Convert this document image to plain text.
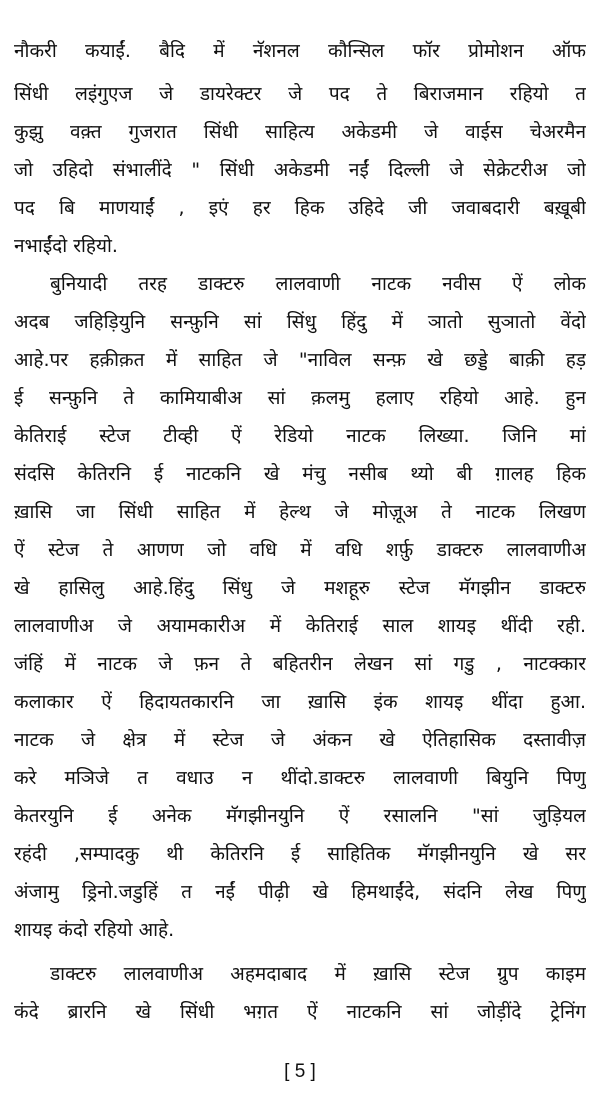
नौकरी कयाईं. बैदि में नॅशनल कौन्सिल फॉर प्रोमोशन ऑफ
सिंधी लइंगुएज जे डायरेक्टर जे पद ते बिराजमान रहियो त
कुझु वक़्त गुजरात सिंधी साहित्य अकेडमी जे वाईस चेअरमैन
जो उहिदो संभालींदे " सिंधी अकेडमी नईं दिल्ली जे सेक्रेटरीअ जो
पद बि माणयाईं , इएं हर हिक उहिदे जी जवाबदारी बख़ूबी
नभाईंदो रहियो.
बुनियादी तरह डाक्टरु लालवाणी नाटक नवीस ऐं लोक
अदब जहिड़ियुनि सन्फ़ुनि सां सिंधु हिंदु में ञातो सुञातो वेंदो
आहे.पर हक़ीक़त में साहित जे "नाविल सन्फ़ खे छड्डे बाक़ी हड़
ई सन्फ़ुनि ते कामियाबीअ सां क़लमु हलाए रहियो आहे. हुन
केतिराई स्टेज टीव्ही ऐं रेडियो नाटक लिख्या. जिनि मां
संदसि केतिरनि ई नाटकनि खे मंचु नसीब थ्यो बी ग़ालह हिक
ख़ासि जा सिंधी साहित में हेल्थ जे मोज़ूअ ते नाटक लिखण
ऐं स्टेज ते आणण जो वधि में वधि शर्फ़ु डाक्टरु लालवाणीअ
खे हासिलु आहे.हिंदु सिंधु जे मशहूरु स्टेज मॅगझीन डाक्टरु
लालवाणीअ जे अयामकारीअ में केतिराई साल शायइ थींदी रही.
जंहिं में नाटक जे फ़न ते बहितरीन लेखन सां गडु , नाटक्कार
कलाकार ऐं हिदायतकारनि जा ख़ासि इंक शायइ थींदा हुआ.
नाटक जे क्षेत्र में स्टेज जे अंकन खे ऐतिहासिक दस्तावीज़
करे मञिजे त वधाउ न थींदो.डाक्टरु लालवाणी बियुनि पिणु
केतरयुनि ई अनेक मॅगझीनयुनि ऐं रसालनि "सां जुड़ियल
रहंदी ,सम्पादकु थी केतिरनि ई साहितिक मॅगझीनयुनि खे सर
अंजामु ड्रिनो.जडुहिं त नईं पीढ़ी खे हिमथाईंदे, संदनि लेख पिणु
शायइ कंदो रहियो आहे.
डाक्टरु लालवाणीअ अहमदाबाद में ख़ासि स्टेज ग्रुप काइम
कंदे ब्रारनि खे सिंधी भग़त ऐं नाटकनि सां जोड़ींदे ट्रेनिंग
[ 5 ]
